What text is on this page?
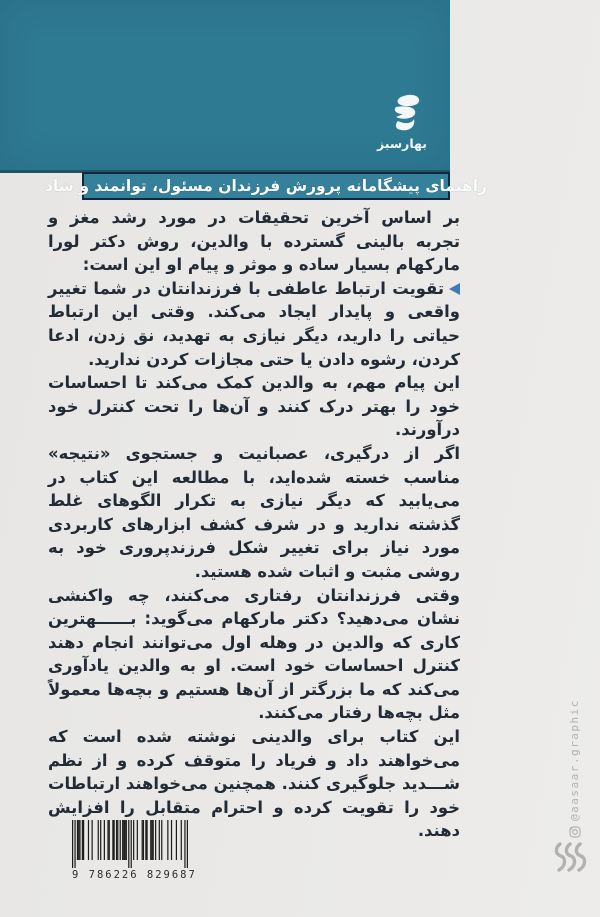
بهارسبز
راهنمای پیشگامانه پرورش فرزندان مسئول، توانمند و شاد

بر اساس آخرین تحقیقات در مورد رشد مغز و تجربه بالینی گسترده با والدین، روش دکتر لورا مارکهام بسیار ساده و موثر و پیام او این است:

تقویت ارتباط عاطفی با فرزندانتان در شما تغییر واقعی و پایدار ایجاد می‌کند. وقتی این ارتباط حیاتی را دارید، دیگر نیازی به تهدید، نق زدن، ادعا کردن، رشوه دادن یا حتی مجازات کردن ندارید.

این پیام مهم، به والدین کمک می‌کند تا احساسات خود را بهتر درک کنند و آن‌ها را تحت کنترل خود درآورند.

اگر از درگیری، عصبانیت و جستجوی «نتیجه» مناسب خسته شده‌اید، با مطالعه این کتاب در می‌یابید که دیگر نیازی به تکرار الگوهای غلط گذشته ندارید و در شرف کشف ابزارهای کاربردی مورد نیاز برای تغییر شکل فرزندپروری خود به روشی مثبت و اثبات شده هستید.

وقتی فرزندانتان رفتاری می‌کنند، چه واکنشی نشان می‌دهید؟ دکتر مارکهام می‌گوید: بــــــهترین کاری که والدین در وهله اول می‌توانند انجام دهند کنترل احساسات خود است. او به والدین یادآوری می‌کند که ما بزرگتر از آن‌ها هستیم و بچه‌ها معمولاً مثل بچه‌ها رفتار می‌کنند.

این کتاب برای والدینی نوشته شده است که می‌خواهند داد و فریاد را متوقف کرده و از نظم شـــدید جلوگیری کنند. همچنین می‌خواهند ارتباطات خود را تقویت کرده و احترام متقابل را افزایش دهند.

9 786226 829687
@aasaar.graphic
